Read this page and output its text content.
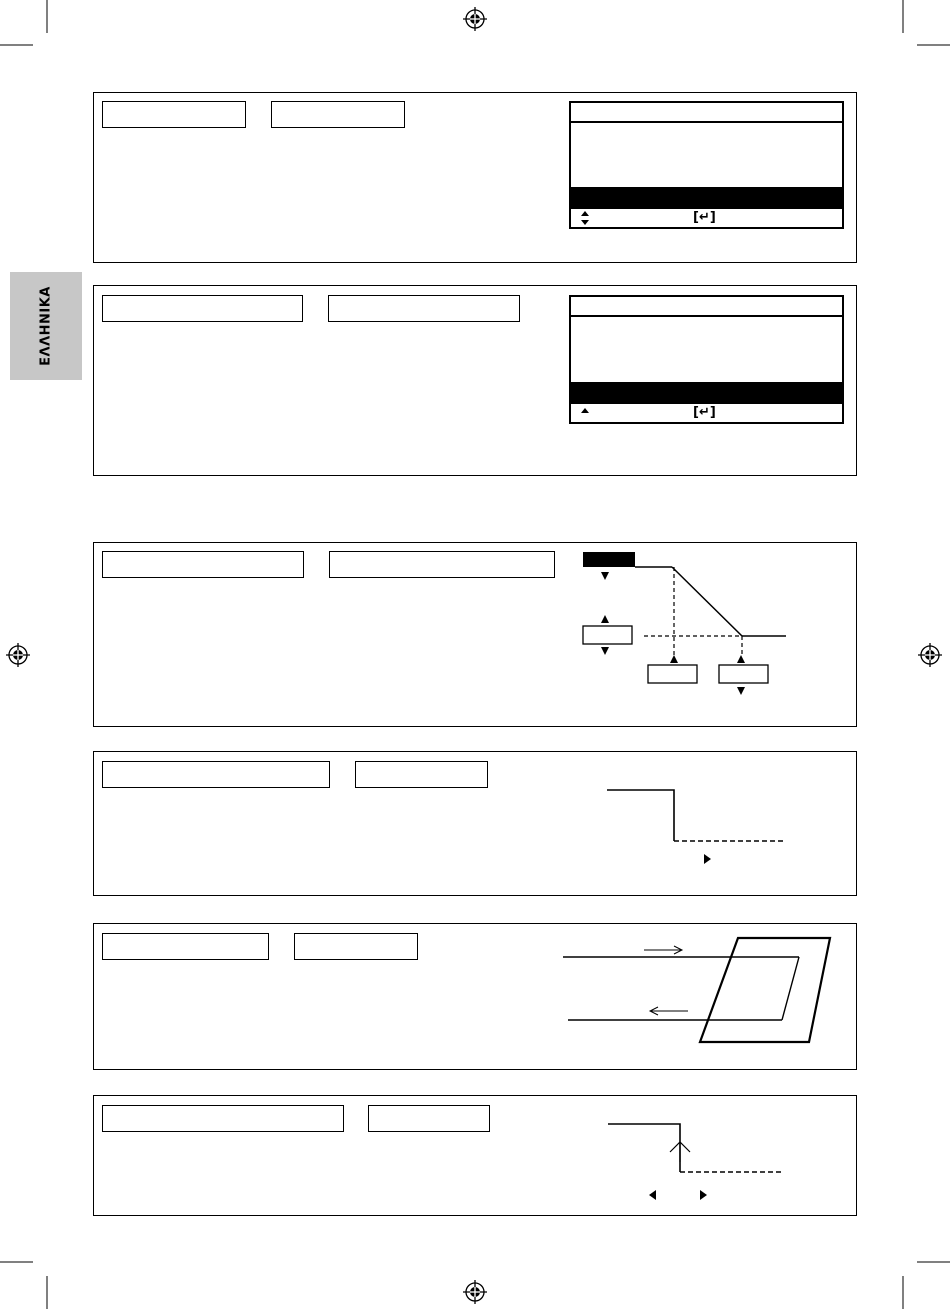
ΕΛΛΗΝΙΚΑ
[↵]
[↵]
